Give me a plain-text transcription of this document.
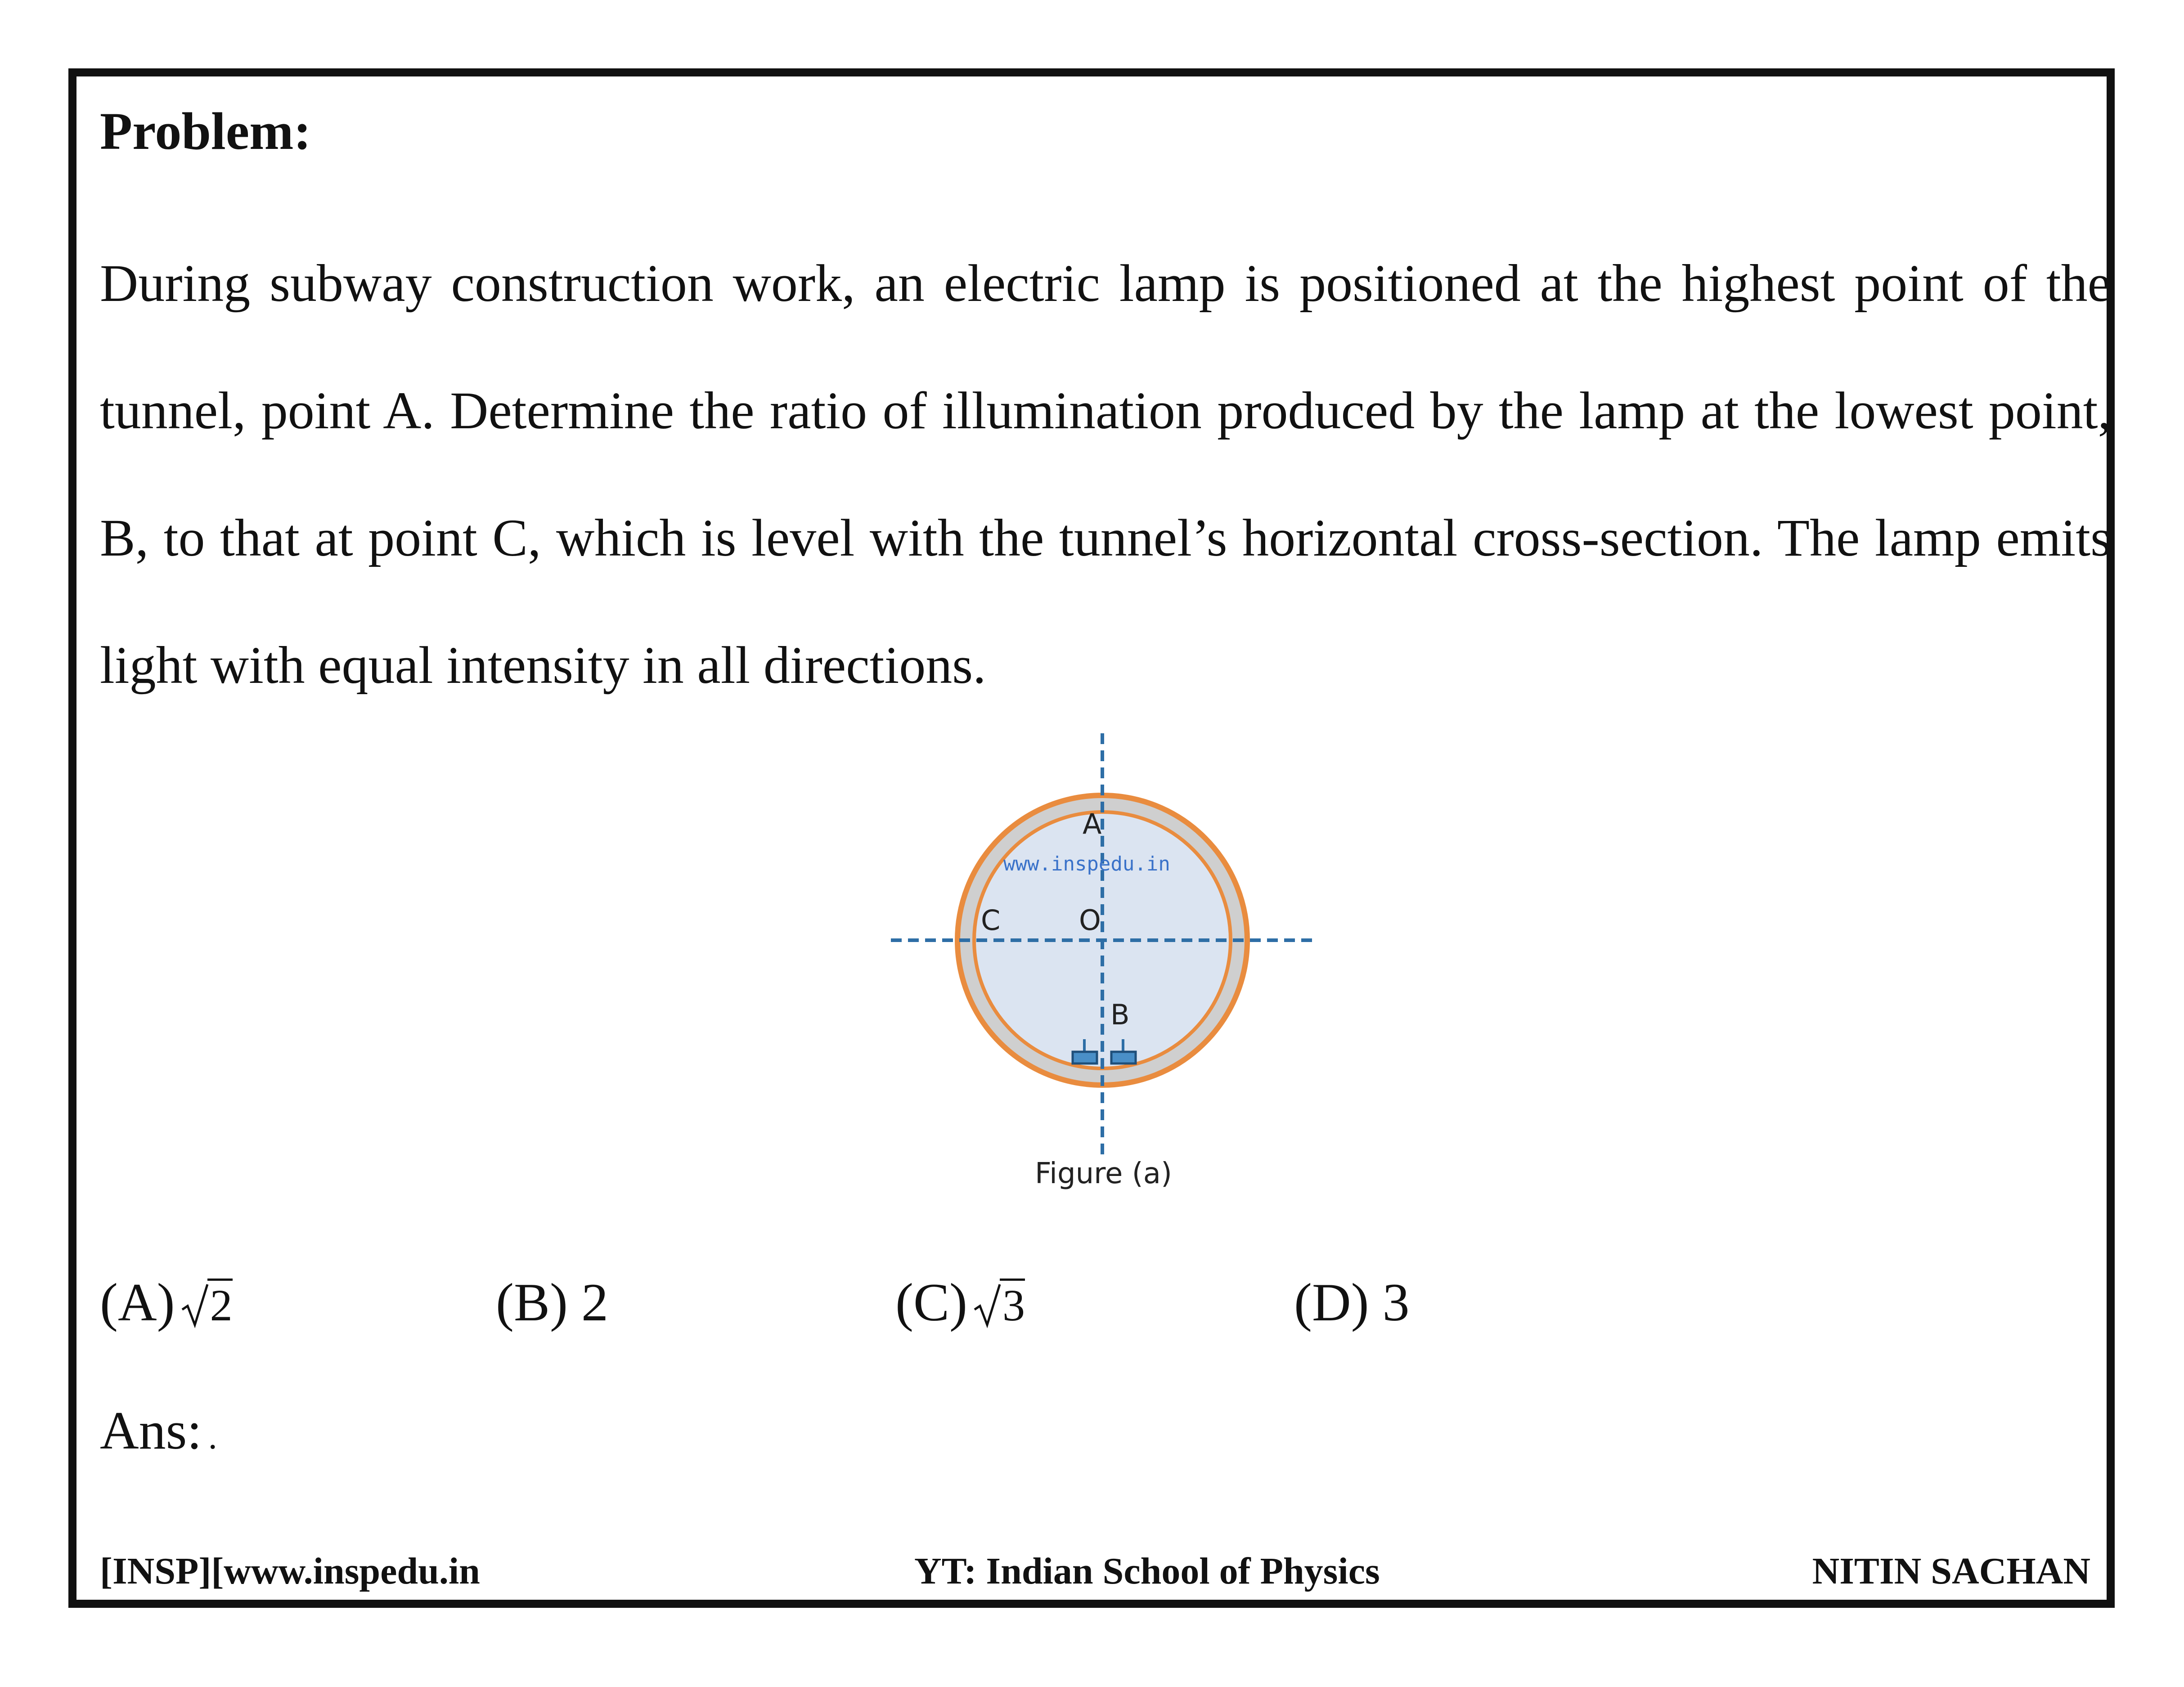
Problem:

During subway construction work, an electric lamp is positioned at the highest point of the tunnel, point A. Determine the ratio of illumination produced by the lamp at the lowest point, B, to that at point C, which is level with the tunnel’s horizontal cross-section. The lamp emits light with equal intensity in all directions.

A
www.inspedu.in
C	O
B
Figure (a)
(A) 2	(B) 2	(C) 3	(D) 3
Ans: .
[INSP][www.inspedu.in	YT: Indian School of Physics	NITIN SACHAN
